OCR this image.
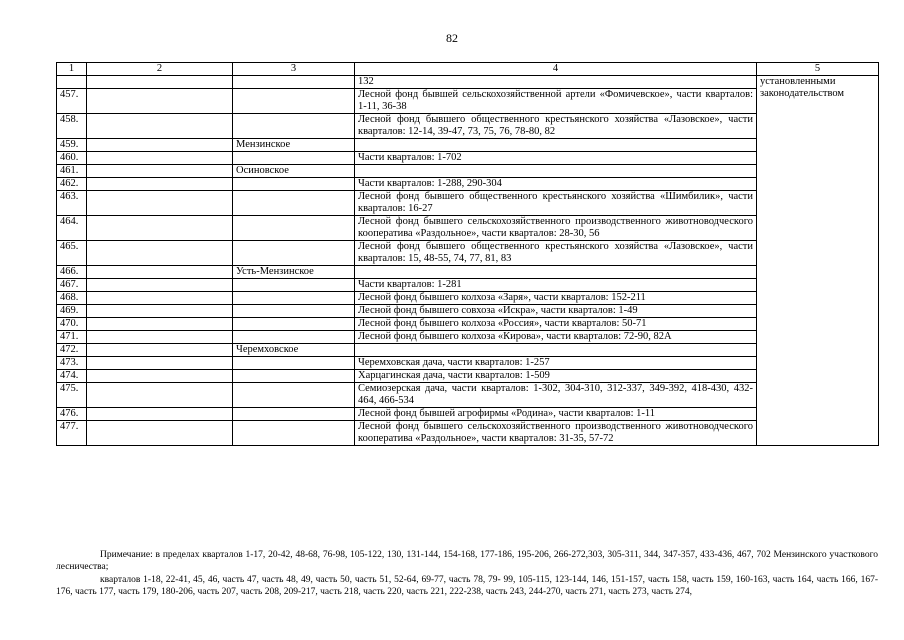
82
1	2	3	4	5
			132	установленными законодательством
457.			Лесной фонд бывшей сельскохозяйственной артели «Фомичевское», части кварталов: 1-11, 36-38	
458.			Лесной фонд бывшего общественного крестьянского хозяйства «Лазовское», части кварталов: 12-14, 39-47, 73, 75, 76, 78-80, 82	
459.		Мензинское		
460.			Части кварталов: 1-702	
461.		Осиновское		
462.			Части кварталов: 1-288, 290-304	
463.			Лесной фонд бывшего общественного крестьянского хозяйства «Шимбилик», части кварталов: 16-27	
464.			Лесной фонд бывшего сельскохозяйственного производственного животноводческого кооператива «Раздольное», части кварталов: 28-30, 56	
465.			Лесной фонд бывшего общественного крестьянского хозяйства «Лазовское», части кварталов: 15, 48-55, 74, 77, 81, 83	
466.		Усть-Мензинское		
467.			Части кварталов: 1-281	
468.			Лесной фонд бывшего колхоза «Заря», части кварталов: 152-211	
469.			Лесной фонд бывшего совхоза «Искра», части кварталов: 1-49	
470.			Лесной фонд бывшего колхоза «Россия», части кварталов: 50-71	
471.			Лесной фонд бывшего колхоза «Кирова», части кварталов: 72-90, 82А	
472.		Черемховское		
473.			Черемховская дача, части кварталов: 1-257	
474.			Харцагинская дача, части кварталов: 1-509	
475.			Семиозерская дача, части кварталов: 1-302, 304-310, 312-337, 349-392, 418-430, 432-464, 466-534	
476.			Лесной фонд бывшей агрофирмы «Родина», части кварталов: 1-11	
477.			Лесной фонд бывшего сельскохозяйственного производственного животноводческого кооператива «Раздольное», части кварталов: 31-35, 57-72	
Примечание: в пределах кварталов 1-17, 20-42, 48-68, 76-98, 105-122, 130, 131-144, 154-168, 177-186, 195-206, 266-272,303, 305-311, 344, 347-357, 433-436, 467, 702 Мензинского участкового лесничества;
кварталов 1-18, 22-41, 45, 46, часть 47, часть 48, 49, часть 50, часть 51, 52-64, 69-77, часть 78, 79- 99, 105-115, 123-144, 146, 151-157, часть 158, часть 159, 160-163, часть 164, часть 166, 167-176, часть 177, часть 179, 180-206, часть 207, часть 208, 209-217, часть 218, часть 220, часть 221, 222-238, часть 243, 244-270, часть 271, часть 273, часть 274,
